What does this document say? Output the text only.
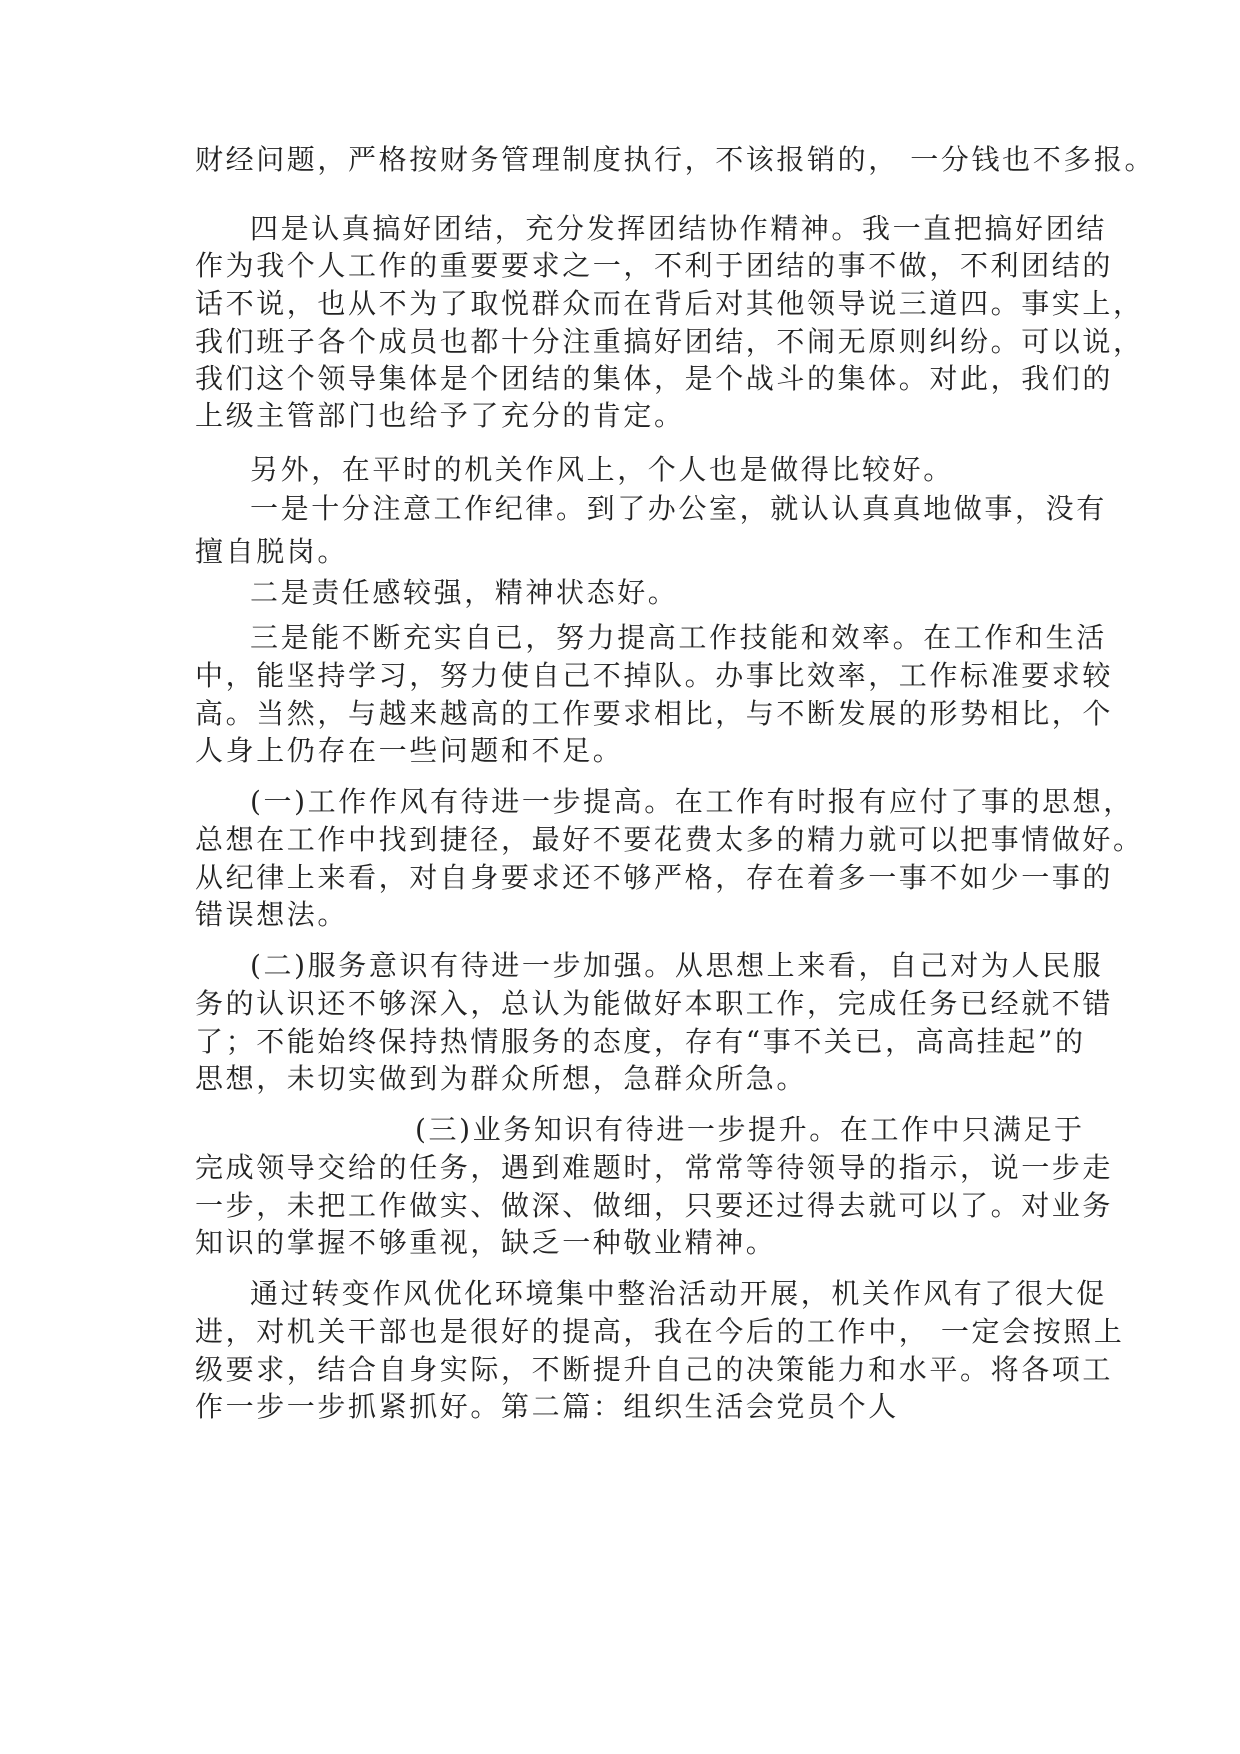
财经问题，严格按财务管理制度执行，不该报销的， 一分钱也不多报。
四是认真搞好团结，充分发挥团结协作精神。我一直把搞好团结
作为我个人工作的重要要求之一，不利于团结的事不做，不利团结的
话不说，也从不为了取悦群众而在背后对其他领导说三道四。事实上，
我们班子各个成员也都十分注重搞好团结，不闹无原则纠纷。可以说，
我们这个领导集体是个团结的集体，是个战斗的集体。对此，我们的
上级主管部门也给予了充分的肯定。
另外，在平时的机关作风上，个人也是做得比较好。
一是十分注意工作纪律。到了办公室，就认认真真地做事，没有
擅自脱岗。
二是责任感较强，精神状态好。
三是能不断充实自已，努力提高工作技能和效率。在工作和生活
中，能坚持学习，努力使自己不掉队。办事比效率，工作标准要求较
高。当然，与越来越高的工作要求相比，与不断发展的形势相比，个
人身上仍存在一些问题和不足。
(一)工作作风有待进一步提高。在工作有时报有应付了事的思想，
总想在工作中找到捷径，最好不要花费太多的精力就可以把事情做好。
从纪律上来看，对自身要求还不够严格，存在着多一事不如少一事的
错误想法。
(二)服务意识有待进一步加强。从思想上来看，自己对为人民服
务的认识还不够深入，总认为能做好本职工作，完成任务已经就不错
了；不能始终保持热情服务的态度，存有“事不关已，高高挂起”的
思想，未切实做到为群众所想，急群众所急。
(三)业务知识有待进一步提升。在工作中只满足于
完成领导交给的任务，遇到难题时，常常等待领导的指示，说一步走
一步，未把工作做实、做深、做细，只要还过得去就可以了。对业务
知识的掌握不够重视，缺乏一种敬业精神。
通过转变作风优化环境集中整治活动开展，机关作风有了很大促
进，对机关干部也是很好的提高，我在今后的工作中， 一定会按照上
级要求，结合自身实际，不断提升自己的决策能力和水平。将各项工
作一步一步抓紧抓好。第二篇：组织生活会党员个人
